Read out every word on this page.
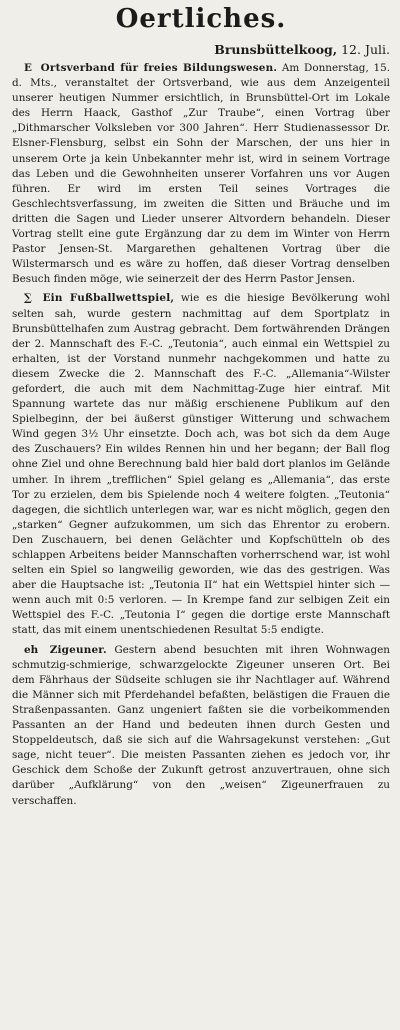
Oertliches.
Brunsbüttelkoog, 12. Juli.

E Ortsverband für freies Bildungswesen. Am Donnerstag, 15. d. Mts., veranstaltet der Ortsverband, wie aus dem Anzeigenteil unserer heutigen Nummer ersichtlich, in Brunsbüttel-Ort im Lokale des Herrn Haack, Gasthof „Zur Traube“, einen Vortrag über „Dithmarscher Volksleben vor 300 Jahren“. Herr Studienassessor Dr. Elsner-Flensburg, selbst ein Sohn der Marschen, der uns hier in unserem Orte ja kein Unbekannter mehr ist, wird in seinem Vortrage das Leben und die Gewohnheiten unserer Vorfahren uns vor Augen führen. Er wird im ersten Teil seines Vortrages die Geschlechtsverfassung, im zweiten die Sitten und Bräuche und im dritten die Sagen und Lieder unserer Altvordern behandeln. Dieser Vortrag stellt eine gute Ergänzung dar zu dem im Winter von Herrn Pastor Jensen-St. Margarethen gehaltenen Vortrag über die Wilstermarsch und es wäre zu hoffen, daß dieser Vortrag denselben Besuch finden möge, wie seinerzeit der des Herrn Pastor Jensen.

∑ Ein Fußballwettspiel, wie es die hiesige Bevölkerung wohl selten sah, wurde gestern nachmittag auf dem Sportplatz in Brunsbüttelhafen zum Austrag gebracht. Dem fortwährenden Drängen der 2. Mannschaft des F.-C. „Teutonia“, auch einmal ein Wettspiel zu erhalten, ist der Vorstand nunmehr nachgekommen und hatte zu diesem Zwecke die 2. Mannschaft des F.-C. „Allemania“-Wilster gefordert, die auch mit dem Nachmittag-Zuge hier eintraf. Mit Spannung wartete das nur mäßig erschienene Publikum auf den Spielbeginn, der bei äußerst günstiger Witterung und schwachem Wind gegen 3½ Uhr einsetzte. Doch ach, was bot sich da dem Auge des Zuschauers? Ein wildes Rennen hin und her begann; der Ball flog ohne Ziel und ohne Berechnung bald hier bald dort planlos im Gelände umher. In ihrem „trefflichen“ Spiel gelang es „Allemania“, das erste Tor zu erzielen, dem bis Spielende noch 4 weitere folgten. „Teutonia“ dagegen, die sichtlich unterlegen war, war es nicht möglich, gegen den „starken“ Gegner aufzukommen, um sich das Ehrentor zu erobern. Den Zuschauern, bei denen Gelächter und Kopfschütteln ob des schlappen Arbeitens beider Mannschaften vorherrschend war, ist wohl selten ein Spiel so langweilig geworden, wie das des gestrigen. Was aber die Hauptsache ist: „Teutonia II“ hat ein Wettspiel hinter sich — wenn auch mit 0:5 verloren. — In Krempe fand zur selbigen Zeit ein Wettspiel des F.-C. „Teutonia I“ gegen die dortige erste Mannschaft statt, das mit einem unentschiedenen Resultat 5:5 endigte.

eh Zigeuner. Gestern abend besuchten mit ihren Wohnwagen schmutzig-schmierige, schwarzgelockte Zigeuner unseren Ort. Bei dem Fährhaus der Südseite schlugen sie ihr Nachtlager auf. Während die Männer sich mit Pferdehandel befaßten, belästigen die Frauen die Straßenpassanten. Ganz ungeniert faßten sie die vorbeikommenden Passanten an der Hand und bedeuten ihnen durch Gesten und Stoppeldeutsch, daß sie sich auf die Wahrsagekunst verstehen: „Gut sage, nicht teuer“. Die meisten Passanten ziehen es jedoch vor, ihr Geschick dem Schoße der Zukunft getrost anzuvertrauen, ohne sich darüber „Aufklärung“ von den „weisen“ Zigeunerfrauen zu verschaffen.
